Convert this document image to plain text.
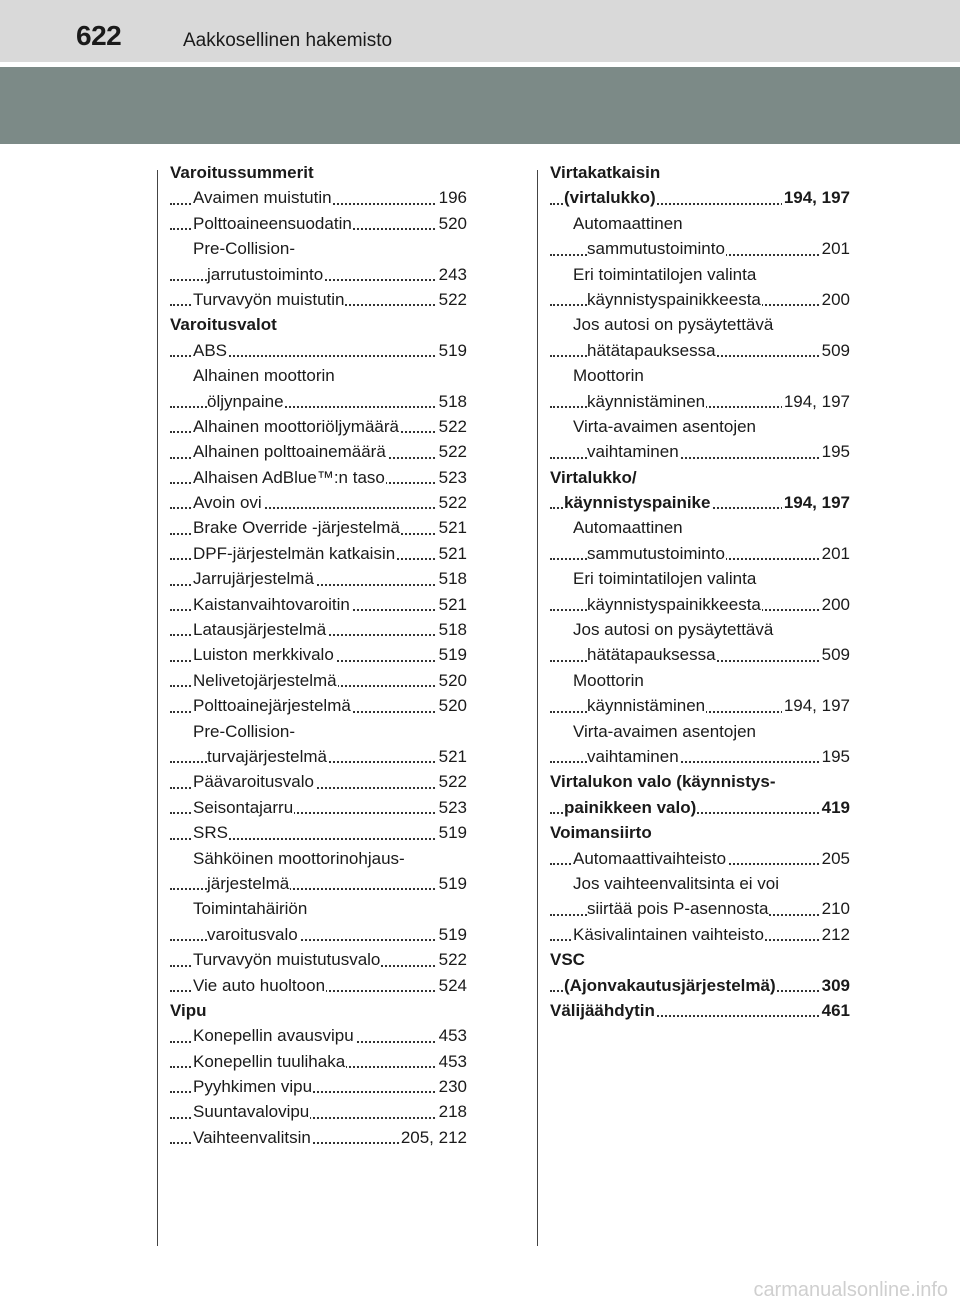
622	Aakkosellinen hakemisto
Varoitussummerit
Avaimen muistutin	196
Polttoaineensuodatin	520
Pre-Collision-
jarrutustoiminto	243
Turvavyön muistutin	522
Varoitusvalot
ABS	519
Alhainen moottorin
öljynpaine	518
Alhainen moottoriöljymäärä 522
Alhainen polttoainemäärä	522
Alhaisen AdBlue™:n taso	523
Avoin ovi	522
Brake Override -järjestelmä 521
DPF-järjestelmän katkaisin	521
Jarrujärjestelmä	518
Kaistanvaihtovaroitin	521
Latausjärjestelmä	518
Luiston merkkivalo	519
Nelivetojärjestelmä	520
Polttoainejärjestelmä	520
Pre-Collision-
turvajärjestelmä	521
Päävaroitusvalo	522
Seisontajarru	523
SRS	519
Sähköinen moottorinohjaus-
järjestelmä	519
Toimintahäiriön
varoitusvalo	519
Turvavyön muistutusvalo	522
Vie auto huoltoon	524
Vipu
Konepellin avausvipu	453
Konepellin tuulihaka	453
Pyyhkimen vipu	230
Suuntavalovipu	218
Vaihteenvalitsin	205, 212
Virtakatkaisin
(virtalukko)	194, 197
Automaattinen
sammutustoiminto	201
Eri toimintatilojen valinta
käynnistyspainikkeesta	200
Jos autosi on pysäytettävä
hätätapauksessa	509
Moottorin
käynnistäminen	194, 197
Virta-avaimen asentojen
vaihtaminen	195
Virtalukko/
käynnistyspainike	194, 197
Automaattinen
sammutustoiminto	201
Eri toimintatilojen valinta
käynnistyspainikkeesta	200
Jos autosi on pysäytettävä
hätätapauksessa	509
Moottorin
käynnistäminen	194, 197
Virta-avaimen asentojen
vaihtaminen	195
Virtalukon valo (käynnistys-
painikkeen valo)	419
Voimansiirto
Automaattivaihteisto	205
Jos vaihteenvalitsinta ei voi
siirtää pois P-asennosta	210
Käsivalintainen vaihteisto	212
VSC
(Ajonvakautusjärjestelmä)	309
Välijäähdytin	461
carmanualsonline.info
